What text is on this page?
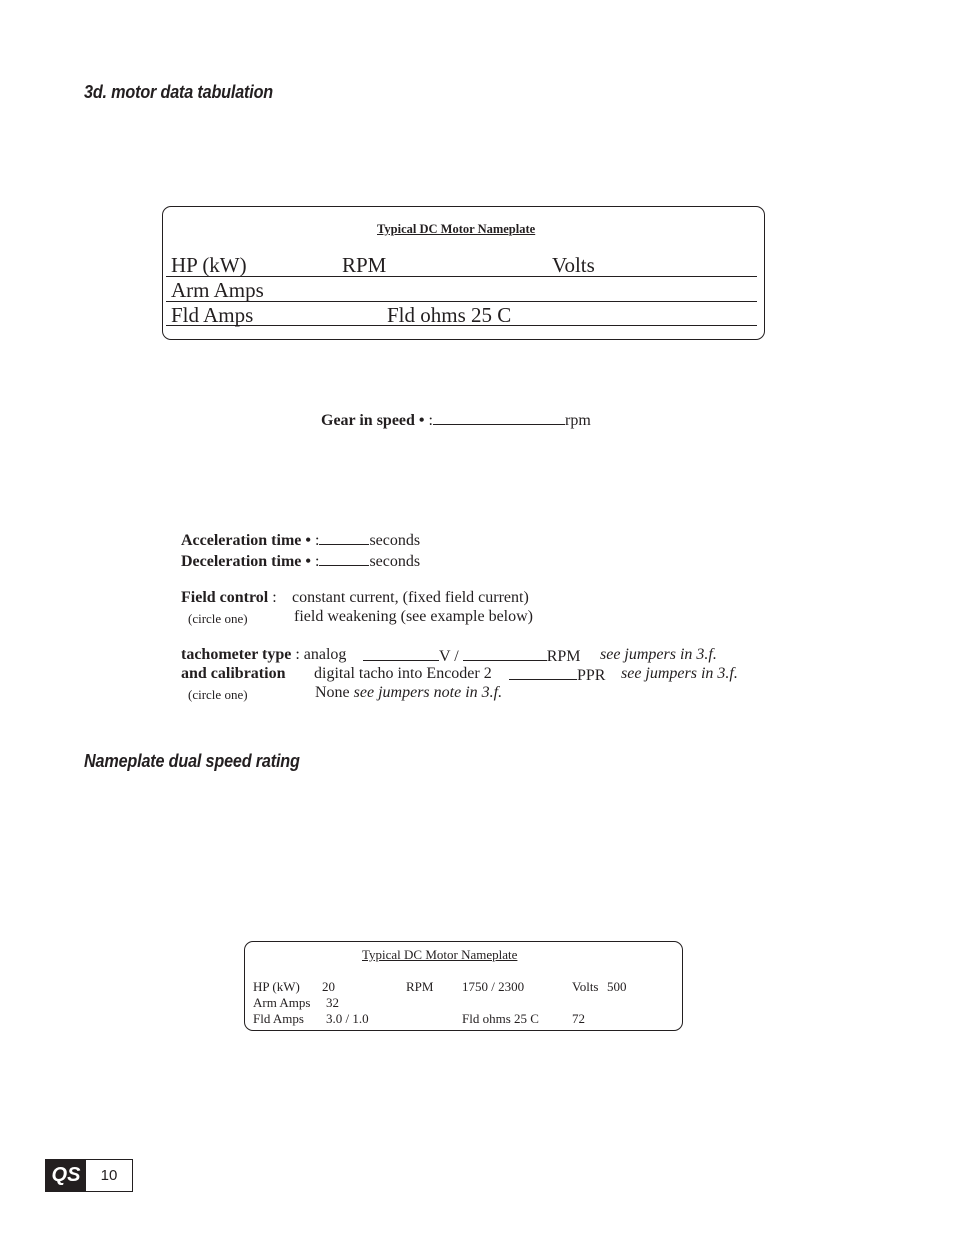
3d. motor data tabulation
Typical DC Motor Nameplate
HP (kW)	RPM	Volts
Arm Amps
Fld Amps	Fld ohms 25 C
Gear in speed • :	rpm
Acceleration time • :	seconds
Deceleration time • :	seconds
Field control : constant current, (fixed field current)
(circle one)	field weakening (see example below)
tachometer type : analog	V /	RPM see jumpers in 3.f.
and calibration digital tacho into Encoder 2	PPR see jumpers in 3.f.
(circle one)	None see jumpers note in 3.f.
Nameplate dual speed rating
Typical DC Motor Nameplate
HP (kW) 20	RPM 1750 / 2300	Volts 500
Arm Amps 32
Fld Amps 3.0 / 1.0	Fld ohms 25 C	72
QS	10
